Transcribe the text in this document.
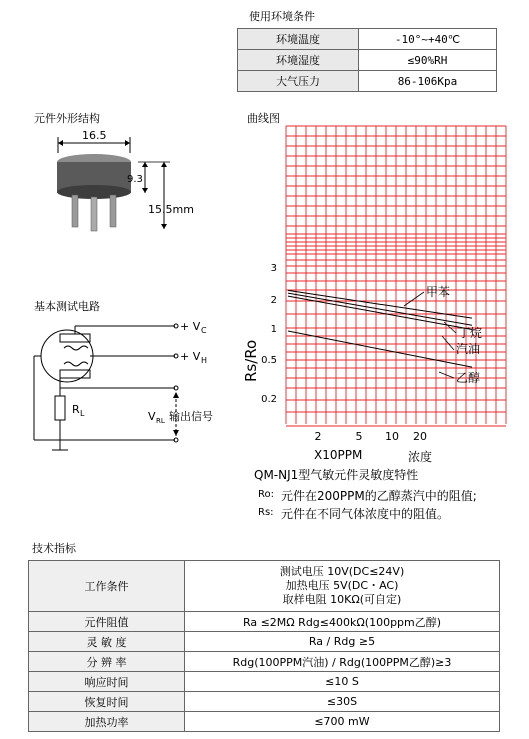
使用环境条件
环境温度	-10°~+40℃
环境湿度	≤90%RH
大气压力	86-106Kpa
元件外形结构
16.5
9.3
15.5mm
基本测试电路
+ V C
+ V H
R L	V RL 输出信号
曲线图
Rs/Ro
3
2
1
0.5
0.2
2	5 10 20
甲苯
丁烷
汽油
乙醇
X10PPM	浓度
QM-NJ1型气敏元件灵敏度特性
Ro: 元件在200PPM的乙醇蒸汽中的阻值;
Rs: 元件在不同气体浓度中的阻值。
技术指标
工作条件	测试电压 10V(DC≤24V)
加热电压 5V(DC・AC)
取样电阻 10KΩ(可自定)

元件阻值	Ra ≤2MΩ Rdg≤400kΩ(100ppm乙醇)
灵 敏 度	Ra / Rdg ≥5
分 辨 率	Rdg(100PPM汽油) / Rdg(100PPM乙醇)≥3
响应时间	≤10 S
恢复时间	≤30S
加热功率	≤700 mW
